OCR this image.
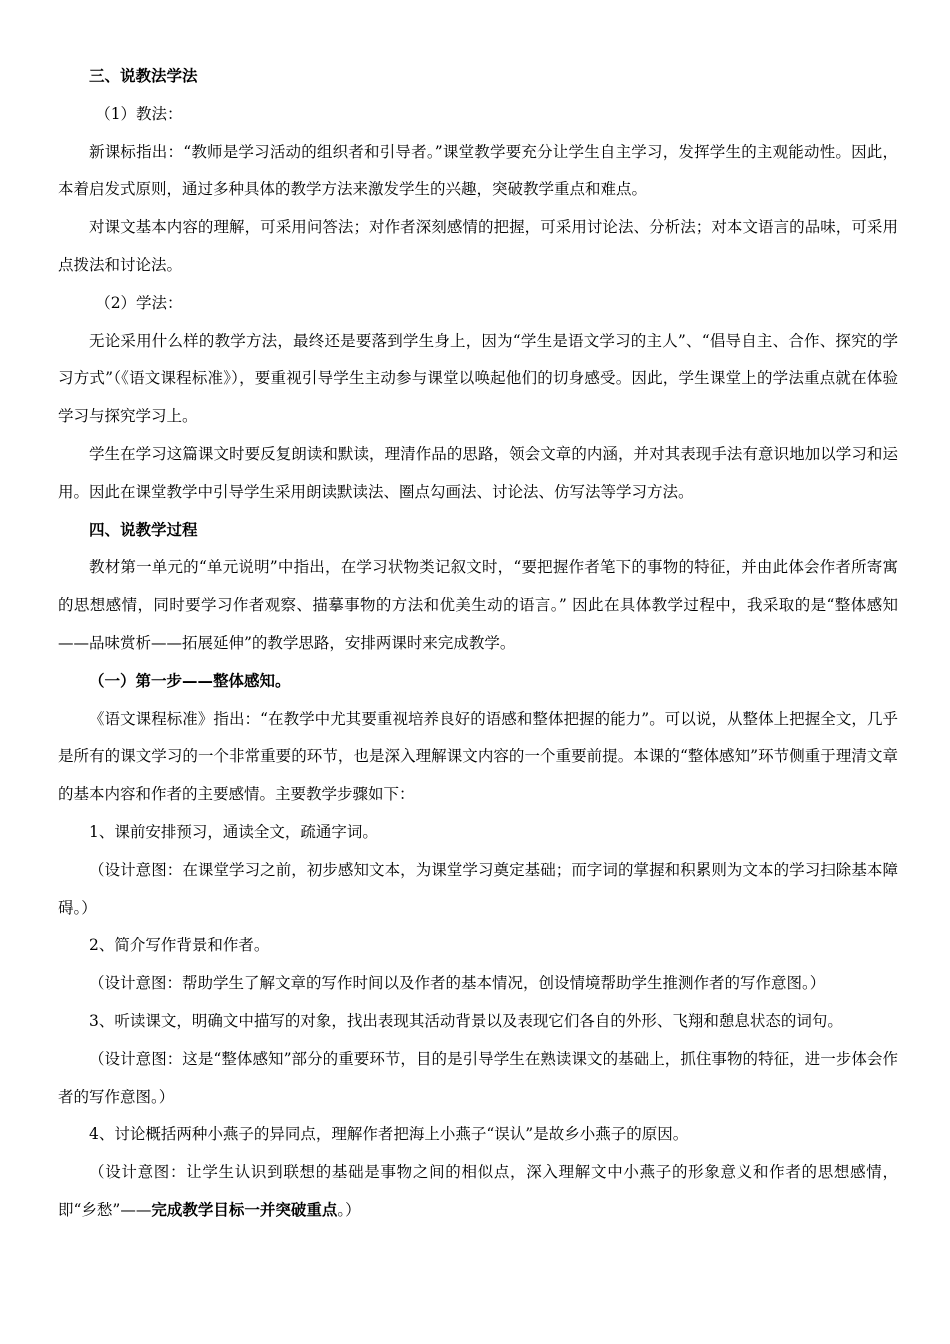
三、说教法学法

（1）教法：

新课标指出：“教师是学习活动的组织者和引导者。”课堂教学要充分让学生自主学习，发挥学生的主观能动性。因此，本着启发式原则，通过多种具体的教学方法来激发学生的兴趣，突破教学重点和难点。

对课文基本内容的理解，可采用问答法；对作者深刻感情的把握，可采用讨论法、分析法；对本文语言的品味，可采用点拨法和讨论法。

（2）学法：

无论采用什么样的教学方法，最终还是要落到学生身上，因为“学生是语文学习的主人”、“倡导自主、合作、探究的学习方式”（《语文课程标准》），要重视引导学生主动参与课堂以唤起他们的切身感受。因此，学生课堂上的学法重点就在体验学习与探究学习上。

学生在学习这篇课文时要反复朗读和默读，理清作品的思路，领会文章的内涵，并对其表现手法有意识地加以学习和运用。因此在课堂教学中引导学生采用朗读默读法、圈点勾画法、讨论法、仿写法等学习方法。

四、说教学过程

教材第一单元的“单元说明”中指出，在学习状物类记叙文时，“要把握作者笔下的事物的特征，并由此体会作者所寄寓的思想感情，同时要学习作者观察、描摹事物的方法和优美生动的语言。” 因此在具体教学过程中，我采取的是“整体感知——品味赏析——拓展延伸”的教学思路，安排两课时来完成教学。

（一）第一步——整体感知。

《语文课程标准》指出：“在教学中尤其要重视培养良好的语感和整体把握的能力”。可以说，从整体上把握全文，几乎是所有的课文学习的一个非常重要的环节，也是深入理解课文内容的一个重要前提。本课的“整体感知”环节侧重于理清文章的基本内容和作者的主要感情。主要教学步骤如下：

1、课前安排预习，通读全文，疏通字词。

（设计意图：在课堂学习之前，初步感知文本，为课堂学习奠定基础；而字词的掌握和积累则为文本的学习扫除基本障碍。）

2、简介写作背景和作者。

（设计意图：帮助学生了解文章的写作时间以及作者的基本情况，创设情境帮助学生推测作者的写作意图。）

3、听读课文，明确文中描写的对象，找出表现其活动背景以及表现它们各自的外形、飞翔和憩息状态的词句。

（设计意图：这是“整体感知”部分的重要环节，目的是引导学生在熟读课文的基础上，抓住事物的特征，进一步体会作者的写作意图。）

4、讨论概括两种小燕子的异同点，理解作者把海上小燕子“误认”是故乡小燕子的原因。

（设计意图：让学生认识到联想的基础是事物之间的相似点，深入理解文中小燕子的形象意义和作者的思想感情，即“乡愁”——完成教学目标一并突破重点。）
